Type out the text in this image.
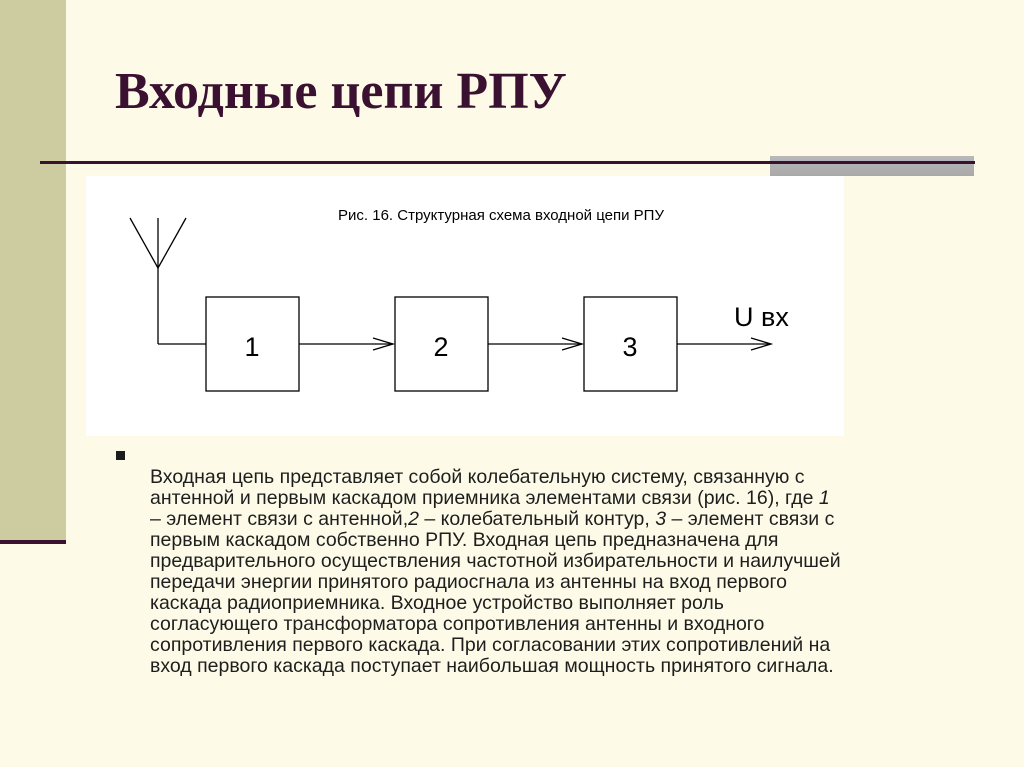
Входные цепи РПУ
Рис. 16. Структурная схема входной цепи РПУ
1	2	3
U вх

Входная цепь представляет собой колебательную систему, связанную с
антенной и первым каскадом приемника элементами связи (рис. 16), где 1
– элемент связи с антенной,2 – колебательный контур, 3 – элемент связи с
первым каскадом собственно РПУ. Входная цепь предназначена для
предварительного осуществления частотной избирательности и наилучшей
передачи энергии принятого радиосгнала из антенны на вход первого
каскада радиоприемника. Входное устройство выполняет роль
согласующего трансформатора сопротивления антенны и входного
сопротивления первого каскада. При согласовании этих сопротивлений на
вход первого каскада поступает наибольшая мощность принятого сигнала.
